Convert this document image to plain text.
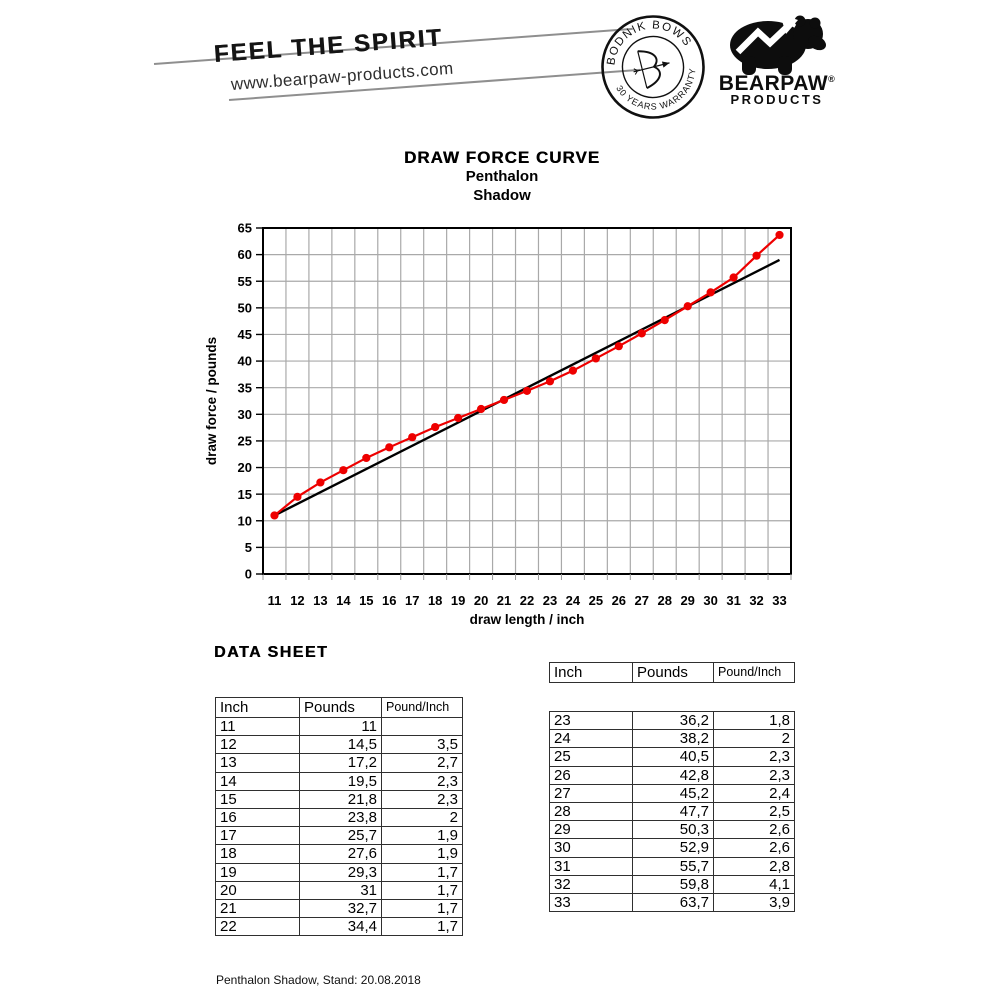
FEEL THE SPIRIT
www.bearpaw-products.com	BODNIK BOWS
30 YEARS WARRANTY
BEARPAW®
PRODUCTS
DRAW FORCE CURVE
Penthalon
Shadow
0
5
10
15
20
25
30
35
40
45
50
55
60
65
11 12 13 14 15 16 17 18 19 20 21 22 23 24 25 26 27 28 29 30 31 32 33
draw force / pounds
draw length / inch
DATA SHEET
Inch	Pounds	Pound/Inch
11	11	
12	14,5	3,5
13	17,2	2,7
14	19,5	2,3
15	21,8	2,3
16	23,8	2
17	25,7	1,9
18	27,6	1,9
19	29,3	1,7
20	31	1,7
21	32,7	1,7
22	34,4	1,7
Inch	Pounds	Pound/Inch
23	36,2	1,8
24	38,2	2
25	40,5	2,3
26	42,8	2,3
27	45,2	2,4
28	47,7	2,5
29	50,3	2,6
30	52,9	2,6
31	55,7	2,8
32	59,8	4,1
33	63,7	3,9
Penthalon Shadow, Stand: 20.08.2018
